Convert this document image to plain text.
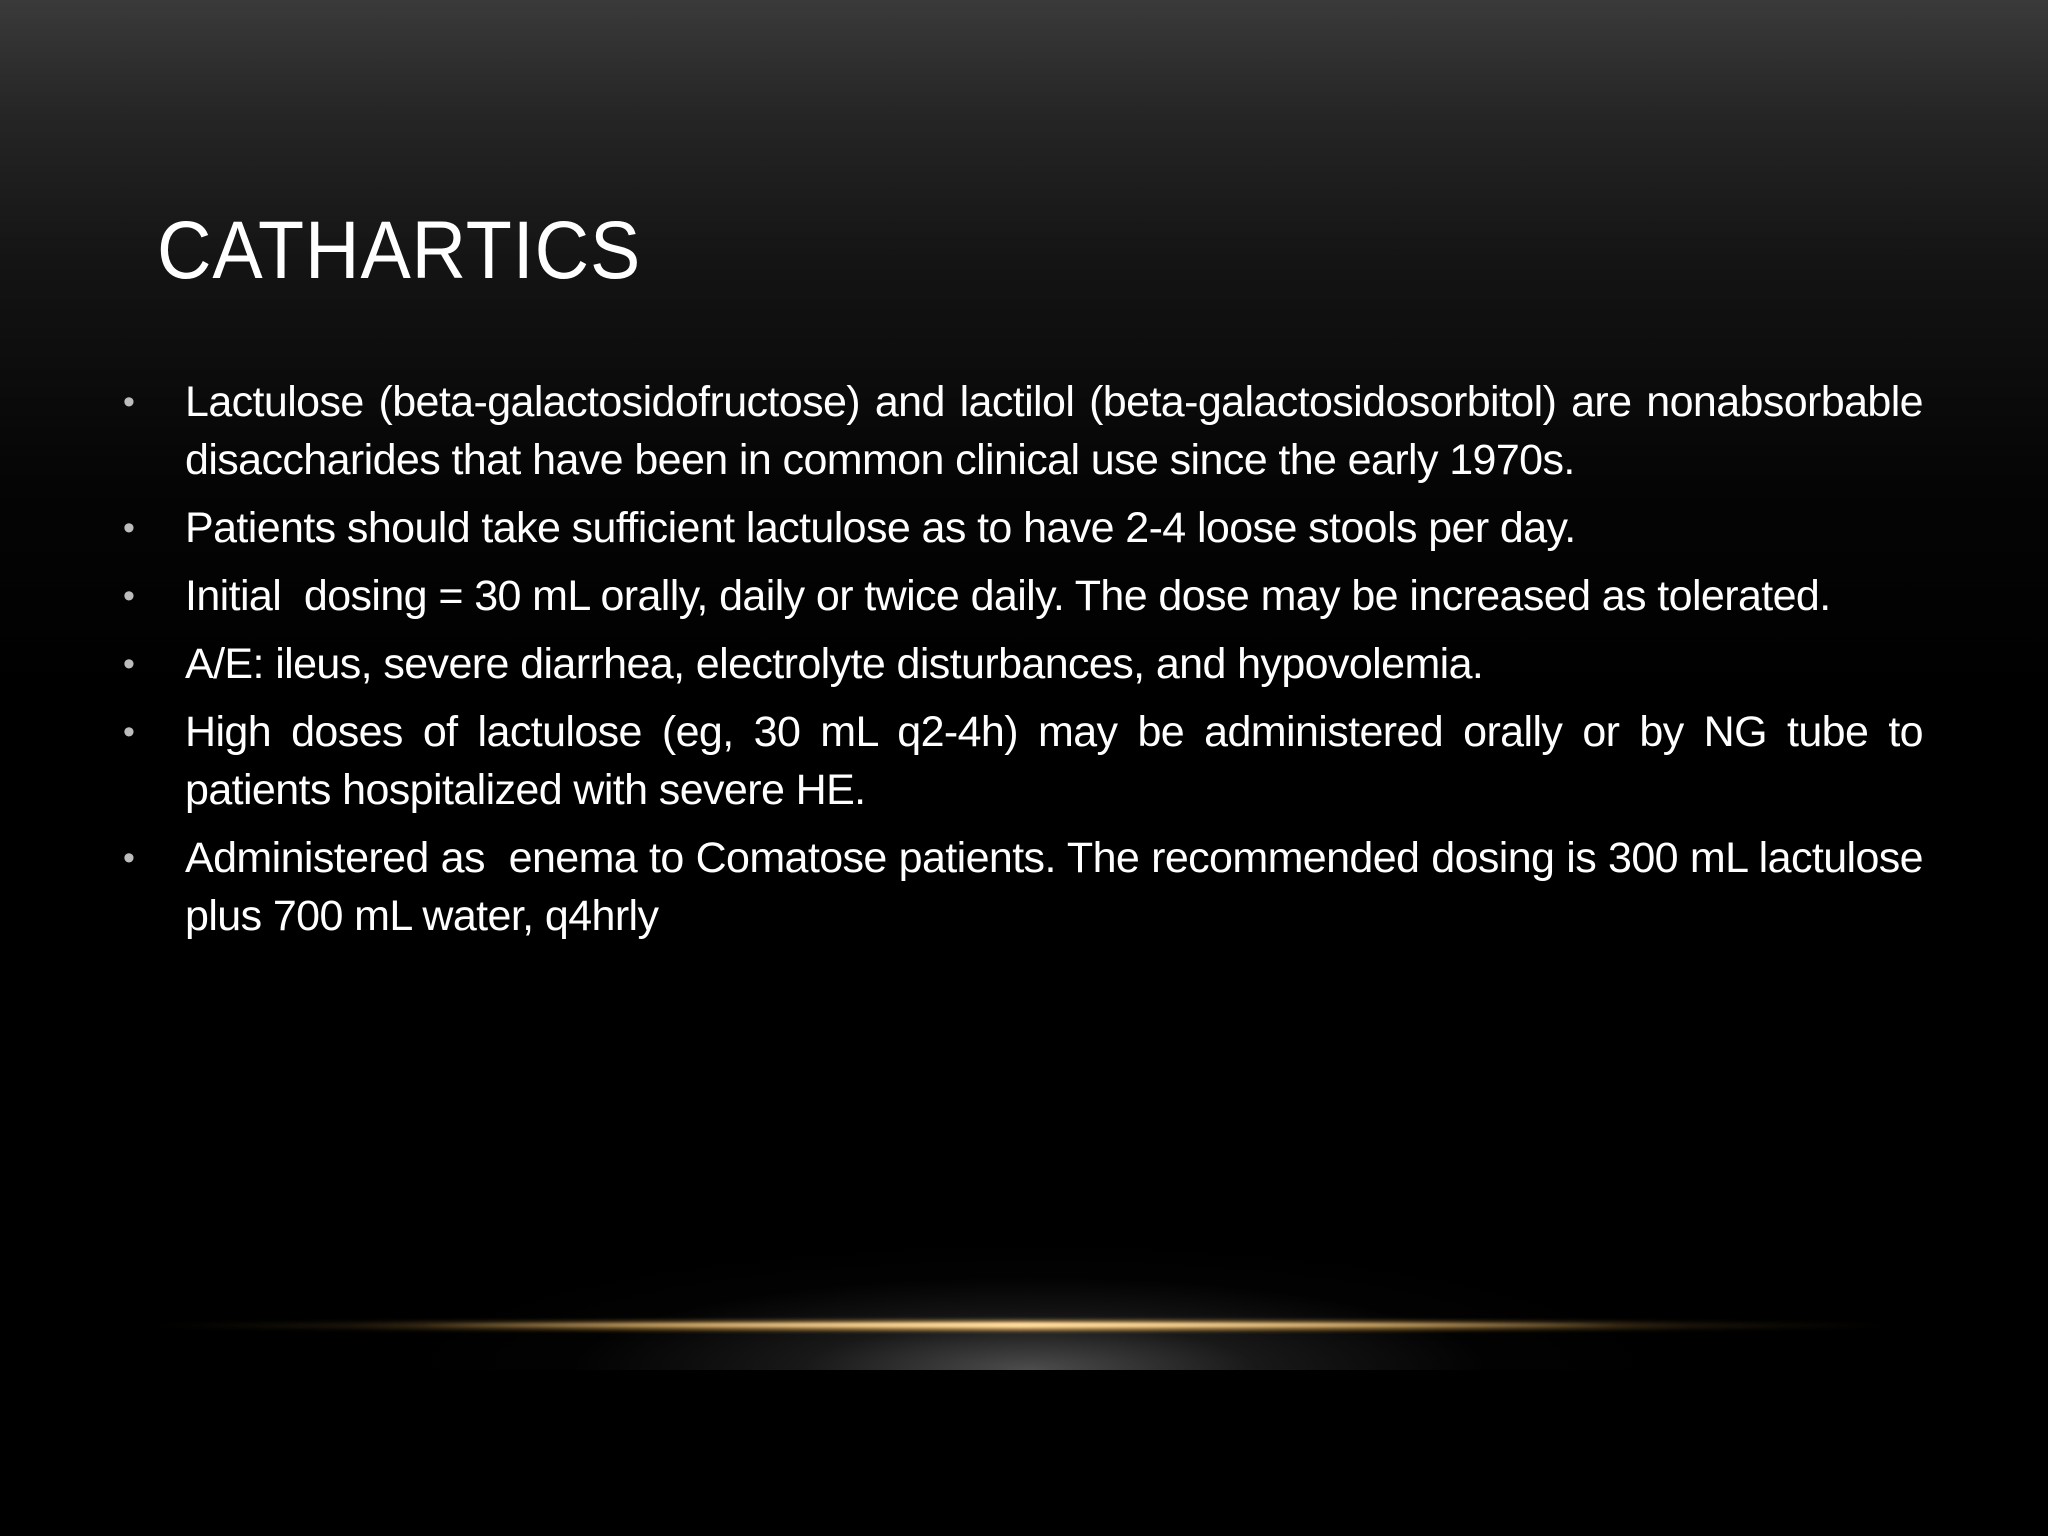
CATHARTICS
• Lactulose (beta-galactosidofructose) and lactilol (beta-galactosidosorbitol) are nonabsorbable disaccharides that have been in common clinical use since the early 1970s.
• Patients should take sufficient lactulose as to have 2-4 loose stools per day.
• Initial  dosing = 30 mL orally, daily or twice daily. The dose may be increased as tolerated.
• A/E: ileus, severe diarrhea, electrolyte disturbances, and hypovolemia.
• High doses of lactulose (eg, 30 mL q2-4h) may be administered orally or by NG tube to patients hospitalized with severe HE.
• Administered as  enema to Comatose patients. The recommended dosing is 300 mL lactulose plus 700 mL water, q4hrly
